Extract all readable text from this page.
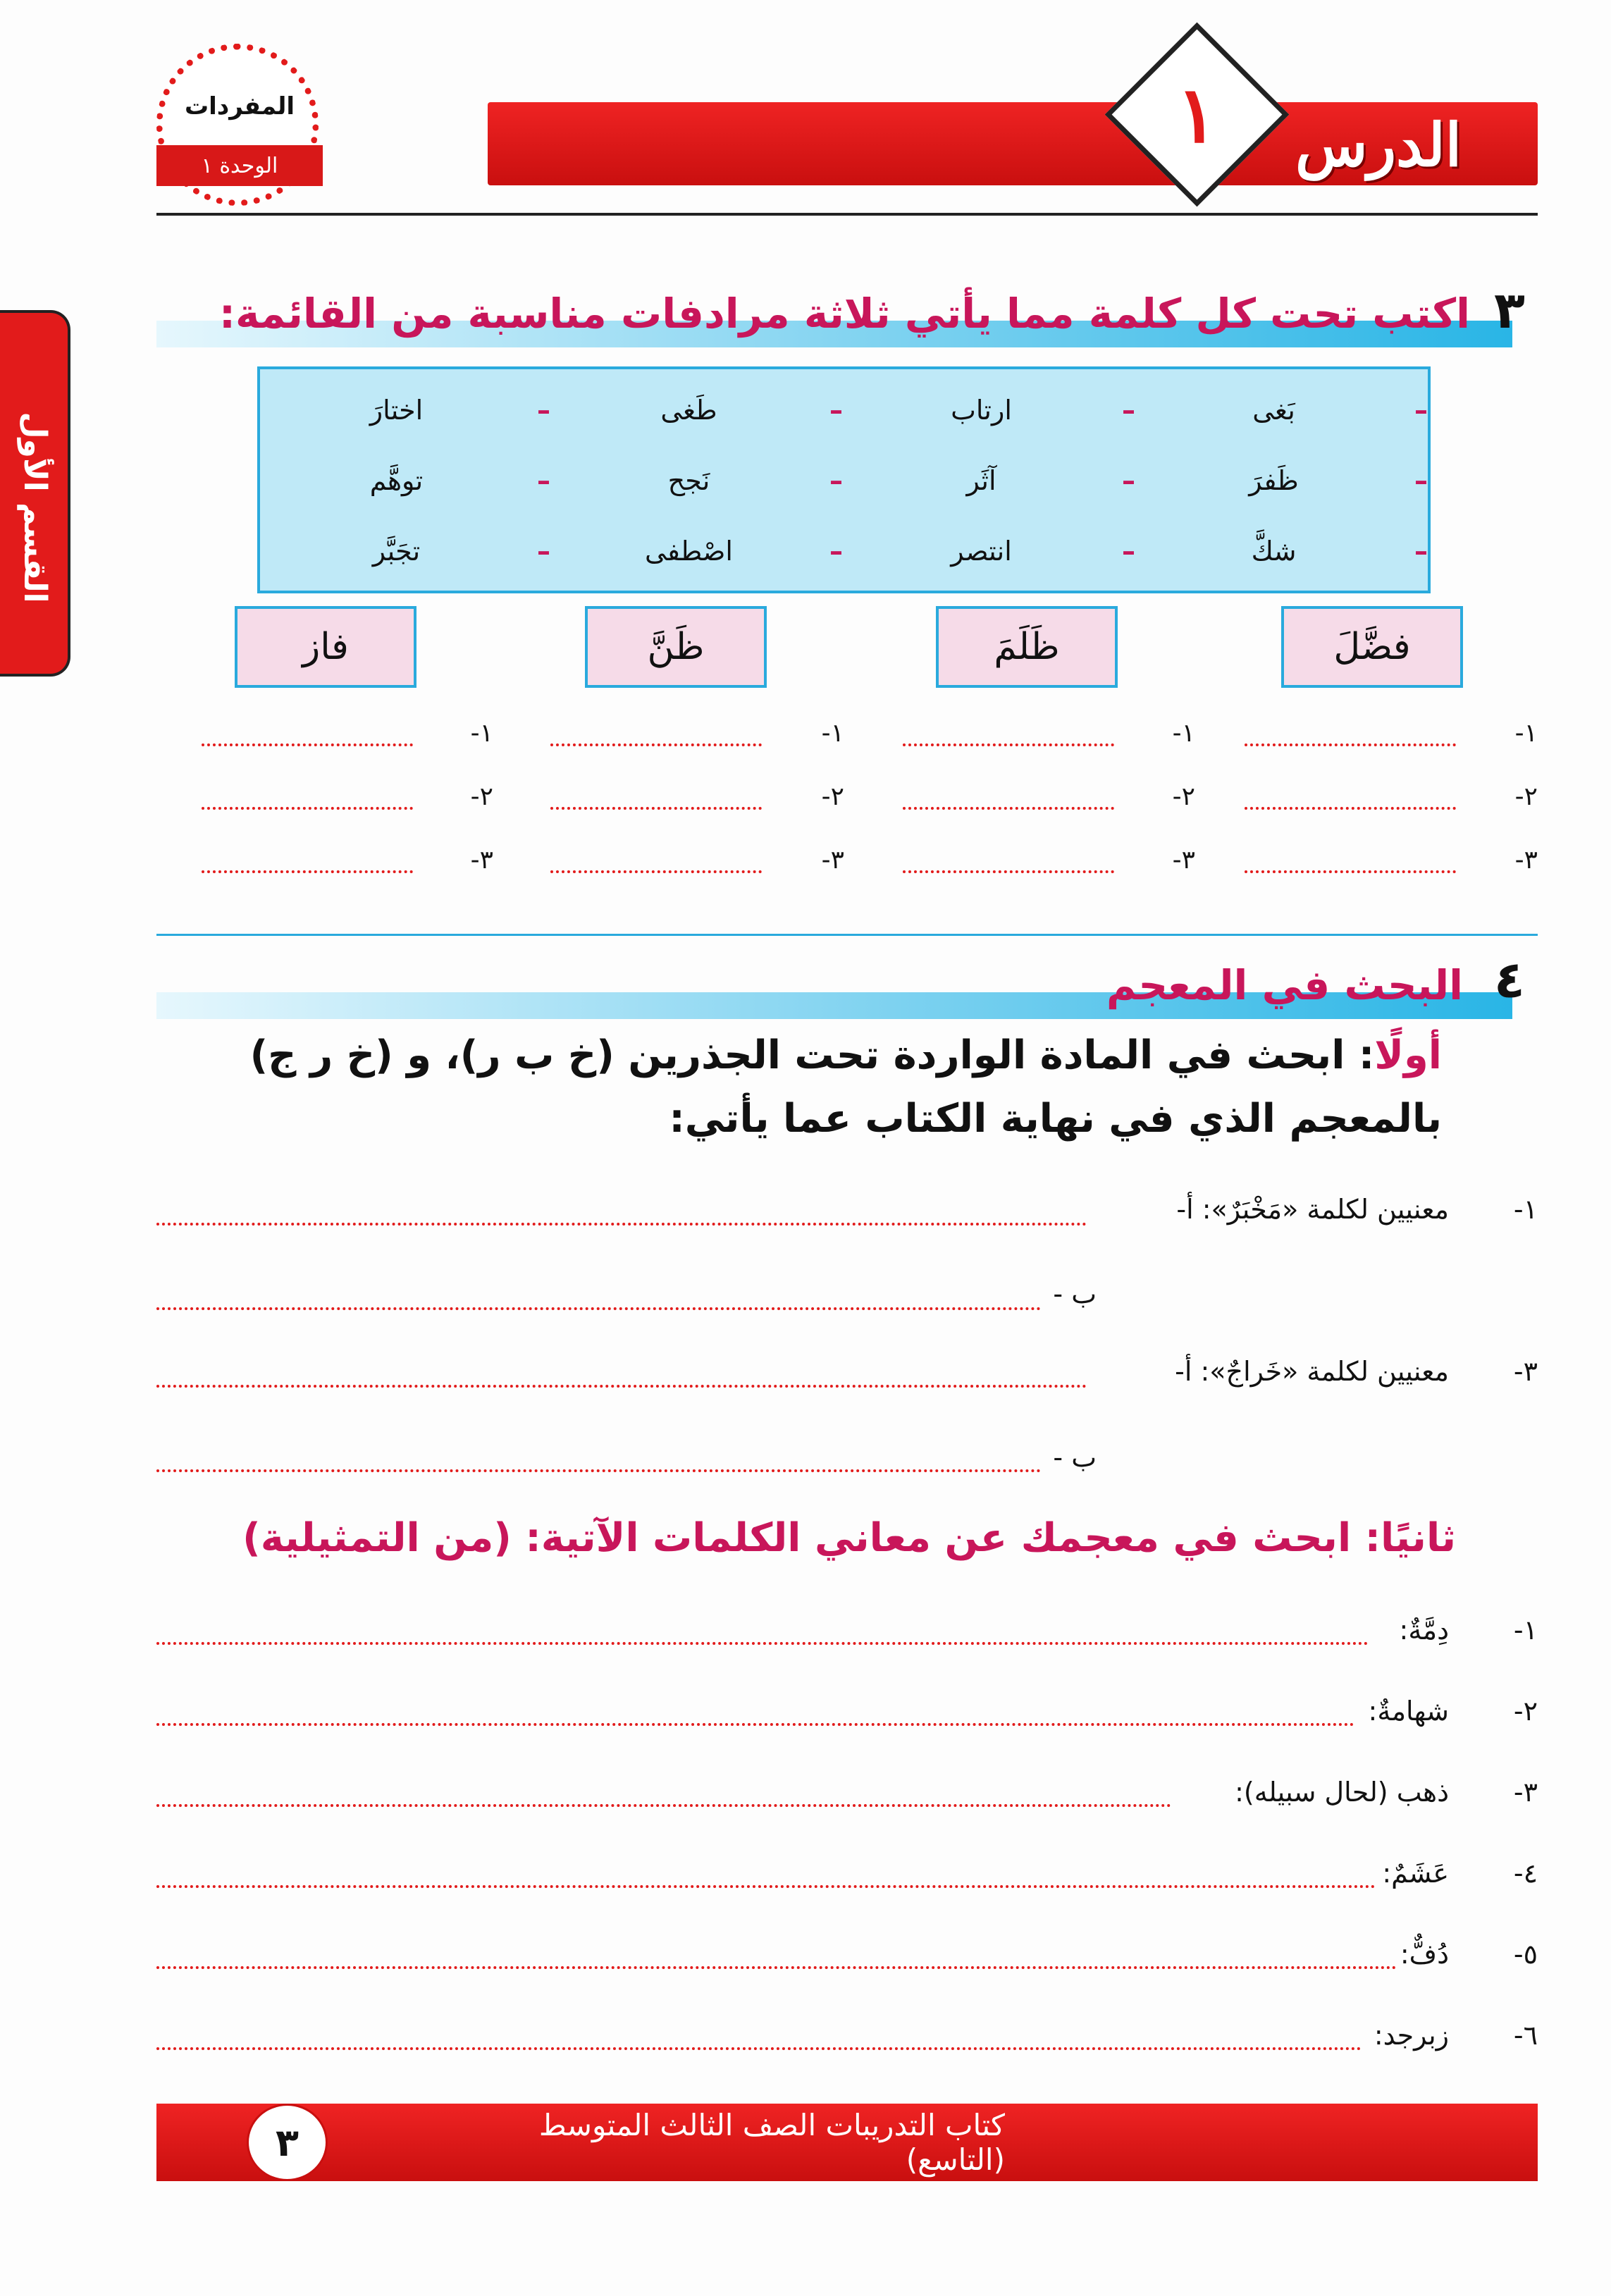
الدرس
١
المفردات
الوحدة ١
القسم الأول
٣
اكتب تحت كل كلمة مما يأتي ثلاثة مرادفات مناسبة من القائمة:
–
بَغى
–
ارتاب
–
طَغى
–
اختارَ
–
ظَفرَ
–
آثَر
–
نَجح
–
توهَّم
–
شكَّ
–
انتصر
–
اصْطفى
–
تجَبَّر
فضَّلَ
ظَلَمَ
ظَنَّ
فاز
١-
٢-
٣-
١-
٢-
٣-
١-
٢-
٣-
١-
٢-
٣-
٤
البحث في المعجم
أولًا: ابحث في المادة الواردة تحت الجذرين (خ ب ر)، و (خ ر ج)
بالمعجم الذي في نهاية الكتاب عما يأتي:
١-
معنيين لكلمة «مَخْبَرٌ»: أ-
ب -
٣-
معنيين لكلمة «خَراجٌ»: أ-
ب -
ثانيًا: ابحث في معجمك عن معاني الكلمات الآتية: (من التمثيلية)
١-
دِمَّةٌ:
٢-
شهامةٌ:
٣-
ذهب (لحال سبيله):
٤-
عَشَمٌ:
٥-
دُفٌّ:
٦-
زبرجد:
كتاب التدريبات الصف الثالث المتوسط (التاسع)
٣
